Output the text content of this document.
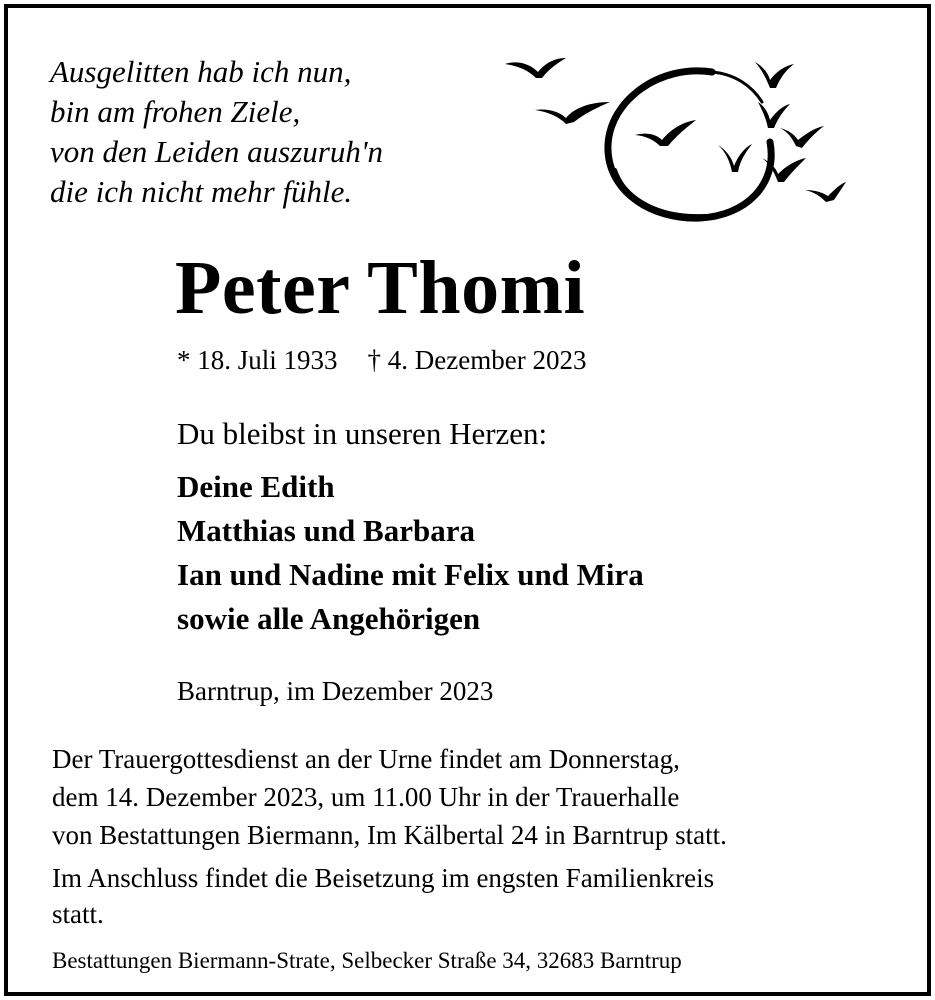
Ausgelitten hab ich nun,
bin am frohen Ziele,
von den Leiden auszuruh'n
die ich nicht mehr fühle.
Peter Thomi
* 18. Juli 1933 † 4. Dezember 2023
Du bleibst in unseren Herzen:
Deine Edith
Matthias und Barbara
Ian und Nadine mit Felix und Mira
sowie alle Angehörigen
Barntrup, im Dezember 2023
Der Trauergottesdienst an der Urne findet am Donnerstag,
dem 14. Dezember 2023, um 11.00 Uhr in der Trauerhalle
von Bestattungen Biermann, Im Kälbertal 24 in Barntrup statt.
Im Anschluss findet die Beisetzung im engsten Familienkreis
statt.
Bestattungen Biermann-Strate, Selbecker Straße 34, 32683 Barntrup
